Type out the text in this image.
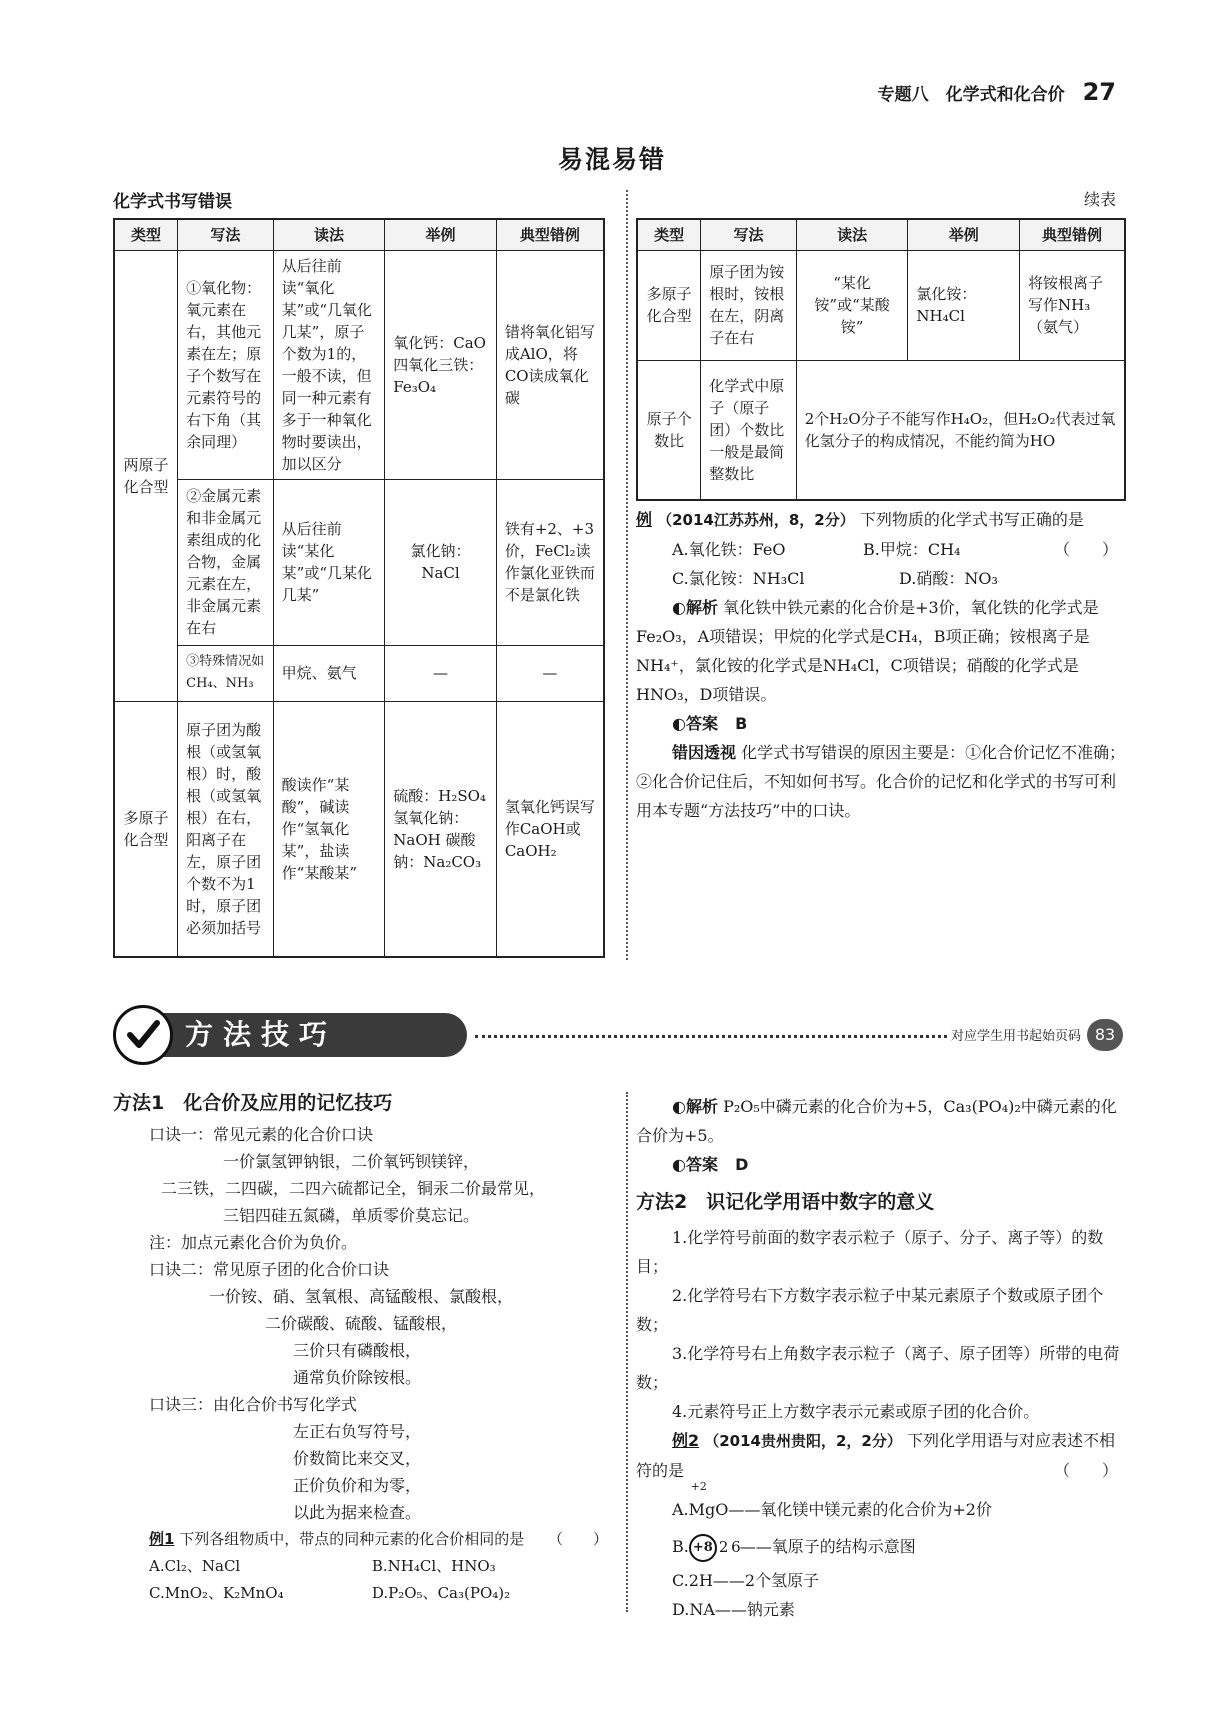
专题八　化学式和化合价 27
易混易错
化学式书写错误	续表
类型	写法	读法	举例	典型错例
两原子化合型	①氧化物：氧元素在右，其他元素在左；原子个数写在元素符号的右下角（其余同理）	从后往前读“氧化某”或“几氧化几某”，原子个数为1的，一般不读，但同一种元素有多于一种氧化物时要读出，加以区分	氧化钙：CaO 四氧化三铁：Fe₃O₄	错将氧化铝写成AlO，将CO读成氧化碳
	②金属元素和非金属元素组成的化合物，金属元素在左，非金属元素在右	从后往前读“某化某”或“几某化几某”	氯化钠：NaCl	铁有+2、+3价，FeCl₂读作氯化亚铁而不是氯化铁
	③特殊情况如CH₄、NH₃	甲烷、氨气	—	—
多原子化合型	原子团为酸根（或氢氧根）时，酸根（或氢氧根）在右，阳离子在左，原子团个数不为1时，原子团必须加括号	酸读作“某酸”，碱读作“氢氧化某”，盐读作“某酸某”	硫酸：H₂SO₄ 氢氧化钠：NaOH 碳酸钠：Na₂CO₃	氢氧化钙误写作CaOH或CaOH₂
类型	写法	读法	举例	典型错例
多原子化合型	原子团为铵根时，铵根在左，阴离子在右	“某化铵”或“某酸铵”	氯化铵：NH₄Cl	将铵根离子写作NH₃（氨气）
原子个数比	化学式中原子（原子团）个数比一般是最简整数比	2个H₂O分子不能写作H₄O₂，但H₂O₂代表过氧化氢分子的构成情况，不能约简为HO		
例 （2014江苏苏州，8，2分） 下列物质的化学式书写正确的是
（　　）
A.氧化铁：FeO	B.甲烷：CH₄
C.氯化铵：NH₃Cl	D.硝酸：NO₃
◐解析 氧化铁中铁元素的化合价是+3价，氧化铁的化学式是Fe₂O₃，A项错误；甲烷的化学式是CH₄，B项正确；铵根离子是NH₄⁺，氯化铵的化学式是NH₄Cl，C项错误；硝酸的化学式是HNO₃，D项错误。
◐答案 B
错因透视 化学式书写错误的原因主要是：①化合价记忆不准确；②化合价记住后，不知如何书写。化合价的记忆和化学式的书写可利用本专题“方法技巧”中的口诀。
方法技巧	对应学生用书起始页码 83
方法1　化合价及应用的记忆技巧
口诀一：常见元素的化合价口诀
一价氯氢钾钠银，二价氧钙钡镁锌，
二三铁，二四碳，二四六硫都记全，铜汞二价最常见，
三铝四硅五氮磷，单质零价莫忘记。
注：加点元素化合价为负价。
口诀二：常见原子团的化合价口诀
一价铵、硝、氢氧根、高锰酸根、氯酸根，
二价碳酸、硫酸、锰酸根，
三价只有磷酸根，
通常负价除铵根。
口诀三：由化合价书写化学式
左正右负写符号，
价数简比来交叉，
正价负价和为零，
以此为据来检查。
例1 下列各组物质中，带点的同种元素的化合价相同的是 （　　）
A.Cl₂、NaCl	B.NH₄Cl、HNO₃
C.MnO₂、K₂MnO₄	D.P₂O₅、Ca₃(PO₄)₂
◐解析 P₂O₅中磷元素的化合价为+5，Ca₃(PO₄)₂中磷元素的化合价为+5。
◐答案 D
方法2　识记化学用语中数字的意义
1.化学符号前面的数字表示粒子（原子、分子、离子等）的数目；
2.化学符号右下方数字表示粒子中某元素原子个数或原子团个数；
3.化学符号右上角数字表示粒子（离子、原子团等）所带的电荷数；
4.元素符号正上方数字表示元素或原子团的化合价。
例2 （2014贵州贵阳，2，2分） 下列化学用语与对应表述不相符的是	（　　）
A.
+2
MgO——氧化镁中镁元素的化合价为+2价
B. +8 2 6——氧原子的结构示意图
C.2H——2个氢原子
D.NA——钠元素
